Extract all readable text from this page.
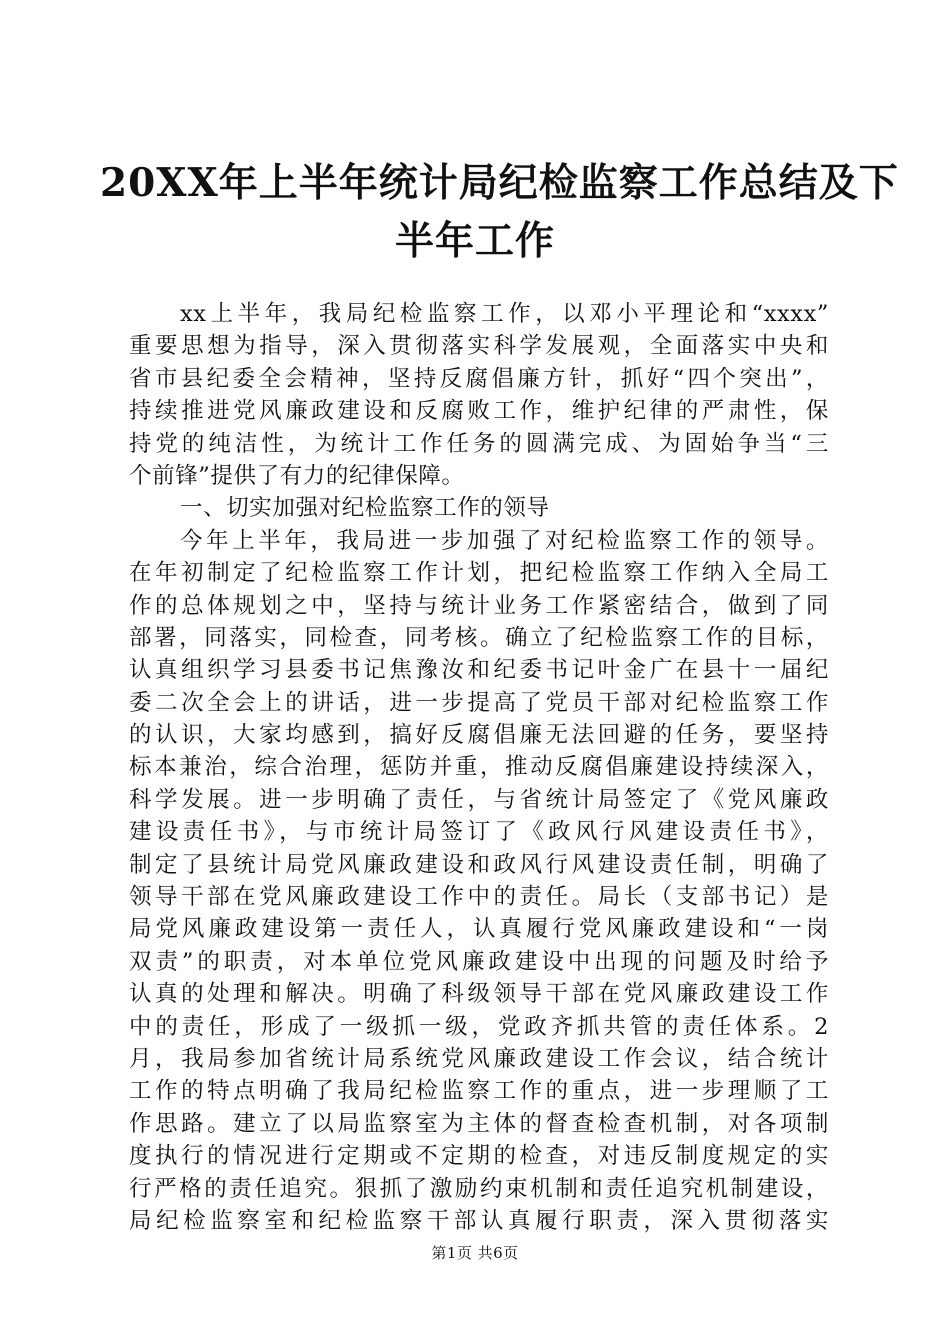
20XX年上半年统计局纪检监察工作总结及下
半年工作
xx上半年，我局纪检监察工作，以邓小平理论和“xxxx”
重要思想为指导，深入贯彻落实科学发展观，全面落实中央和
省市县纪委全会精神，坚持反腐倡廉方针，抓好“四个突出”，
持续推进党风廉政建设和反腐败工作，维护纪律的严肃性，保
持党的纯洁性，为统计工作任务的圆满完成、为固始争当“三
个前锋”提供了有力的纪律保障。
一、切实加强对纪检监察工作的领导
今年上半年，我局进一步加强了对纪检监察工作的领导。
在年初制定了纪检监察工作计划，把纪检监察工作纳入全局工
作的总体规划之中，坚持与统计业务工作紧密结合，做到了同
部署，同落实，同检查，同考核。确立了纪检监察工作的目标，
认真组织学习县委书记焦豫汝和纪委书记叶金广在县十一届纪
委二次全会上的讲话，进一步提高了党员干部对纪检监察工作
的认识，大家均感到，搞好反腐倡廉无法回避的任务，要坚持
标本兼治，综合治理，惩防并重，推动反腐倡廉建设持续深入，
科学发展。进一步明确了责任，与省统计局签定了《党风廉政
建设责任书》，与市统计局签订了《政风行风建设责任书》，
制定了县统计局党风廉政建设和政风行风建设责任制，明确了
领导干部在党风廉政建设工作中的责任。局长（支部书记）是
局党风廉政建设第一责任人，认真履行党风廉政建设和“一岗
双责”的职责，对本单位党风廉政建设中出现的问题及时给予
认真的处理和解决。明确了科级领导干部在党风廉政建设工作
中的责任，形成了一级抓一级，党政齐抓共管的责任体系。2
月，我局参加省统计局系统党风廉政建设工作会议，结合统计
工作的特点明确了我局纪检监察工作的重点，进一步理顺了工
作思路。建立了以局监察室为主体的督查检查机制，对各项制
度执行的情况进行定期或不定期的检查，对违反制度规定的实
行严格的责任追究。狠抓了激励约束机制和责任追究机制建设，
局纪检监察室和纪检监察干部认真履行职责，深入贯彻落实
第1页 共6页
